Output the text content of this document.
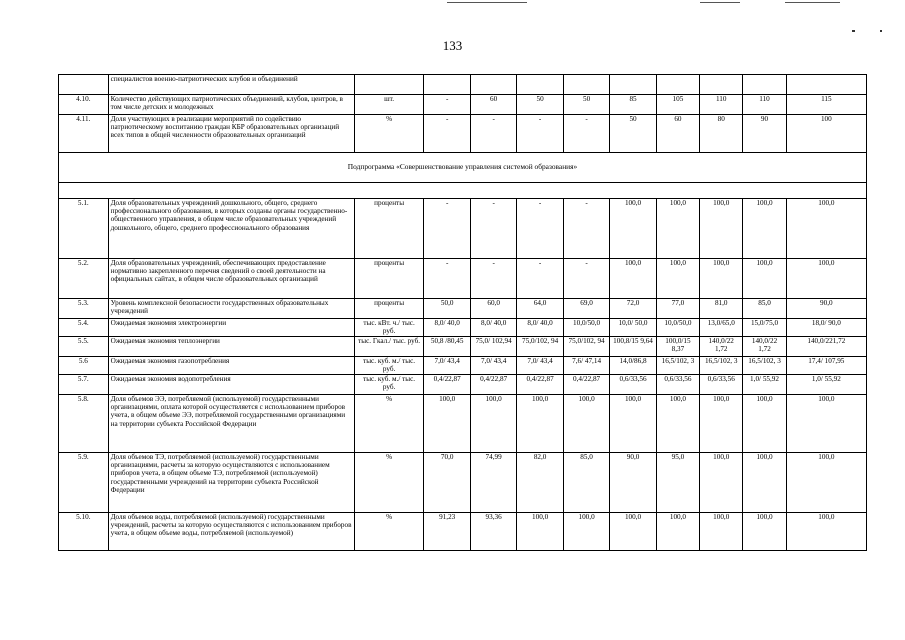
133
	специалистов военно-патриотических клубов и объединений										
4.10.	Количество действующих патриотических объединений, клубов, центров, в том числе детских и молодежных	шт.	-	60	50	50	85	105	110	110	115
4.11.	Доля участвующих в реализации мероприятий по содействию патриотическому воспитанию граждан КБР образовательных организаций всех типов в общей численности образовательных организаций	%	-	-	-	-	50	60	80	90	100
Подпрограмма «Совершенствование управления системой образования»											

5.1.	Доля образовательных учреждений дошкольного, общего, среднего профессионального образования, в которых созданы органы государственно-общественного управления, в общем числе образовательных учреждений дошкольного, общего, среднего профессионального образования	проценты	-	-	-	-	100,0	100,0	100,0	100,0	100,0
5.2.	Доля образовательных учреждений, обеспечивающих предоставление нормативно закрепленного перечня сведений о своей деятельности на официальных сайтах, в общем числе образовательных организаций	проценты	-	-	-	-	100,0	100,0	100,0	100,0	100,0
5.3.	Уровень комплексной безопасности государственных образовательных учреждений	проценты	50,0	60,0	64,0	69,0	72,0	77,0	81,0	85,0	90,0
5.4.	Ожидаемая экономия электроэнергии	тыс. кВт. ч./ тыс. руб.	8,0/ 40,0	8,0/ 40,0	8,0/ 40,0	10,0/50,0	10,0/ 50,0	10,0/50,0	13,0/65,0	15,0/75,0	18,0/ 90,0
5.5.	Ожидаемая экономия теплоэнергии	тыс. Гкал./ тыс. руб.	50,8 /80,45	75,0/ 102,94	75,0/102, 94	75,0/102, 94	100,8/15 9,64	100,0/15 8,37	140,0/22 1,72	140,0/22 1,72	140,0/221,72
5.6	Ожидаемая экономия газопотребления	тыс. куб. м./ тыс. руб.	7,0/ 43,4	7,0/ 43,4	7,0/ 43,4	7,6/ 47,14	14,0/86,8	16,5/102, 3	16,5/102, 3	16,5/102, 3	17,4/ 107,95
5.7.	Ожидаемая экономия водопотребления	тыс. куб. м./ тыс. руб.	0,4/22,87	0,4/22,87	0,4/22,87	0,4/22,87	0,6/33,56	0,6/33,56	0,6/33,56	1,0/ 55,92	1,0/ 55,92
5.8.	Доля объемов ЭЭ, потребляемой (используемой) государственными организациями, оплата которой осуществляется с использованием приборов учета, в общем объеме ЭЭ, потребляемой государственными организациями на территории субъекта Российской Федерации	%	100,0	100,0	100,0	100,0	100,0	100,0	100,0	100,0	100,0
5.9.	Доля объемов ТЭ, потребляемой (используемой) государственными организациями, расчеты за которую осуществляются с использованием приборов учета, в общем объеме ТЭ, потребляемой (используемой) государственными учреждений на территории субъекта Российской Федерации	%	70,0	74,99	82,0	85,0	90,0	95,0	100,0	100,0	100,0
5.10.	Доля объемов воды, потребляемой (используемой) государственными учреждений, расчеты за которую осуществляются с использованием приборов учета, в общем объеме воды, потребляемой (используемой)	%	91,23	93,36	100,0	100,0	100,0	100,0	100,0	100,0	100,0
